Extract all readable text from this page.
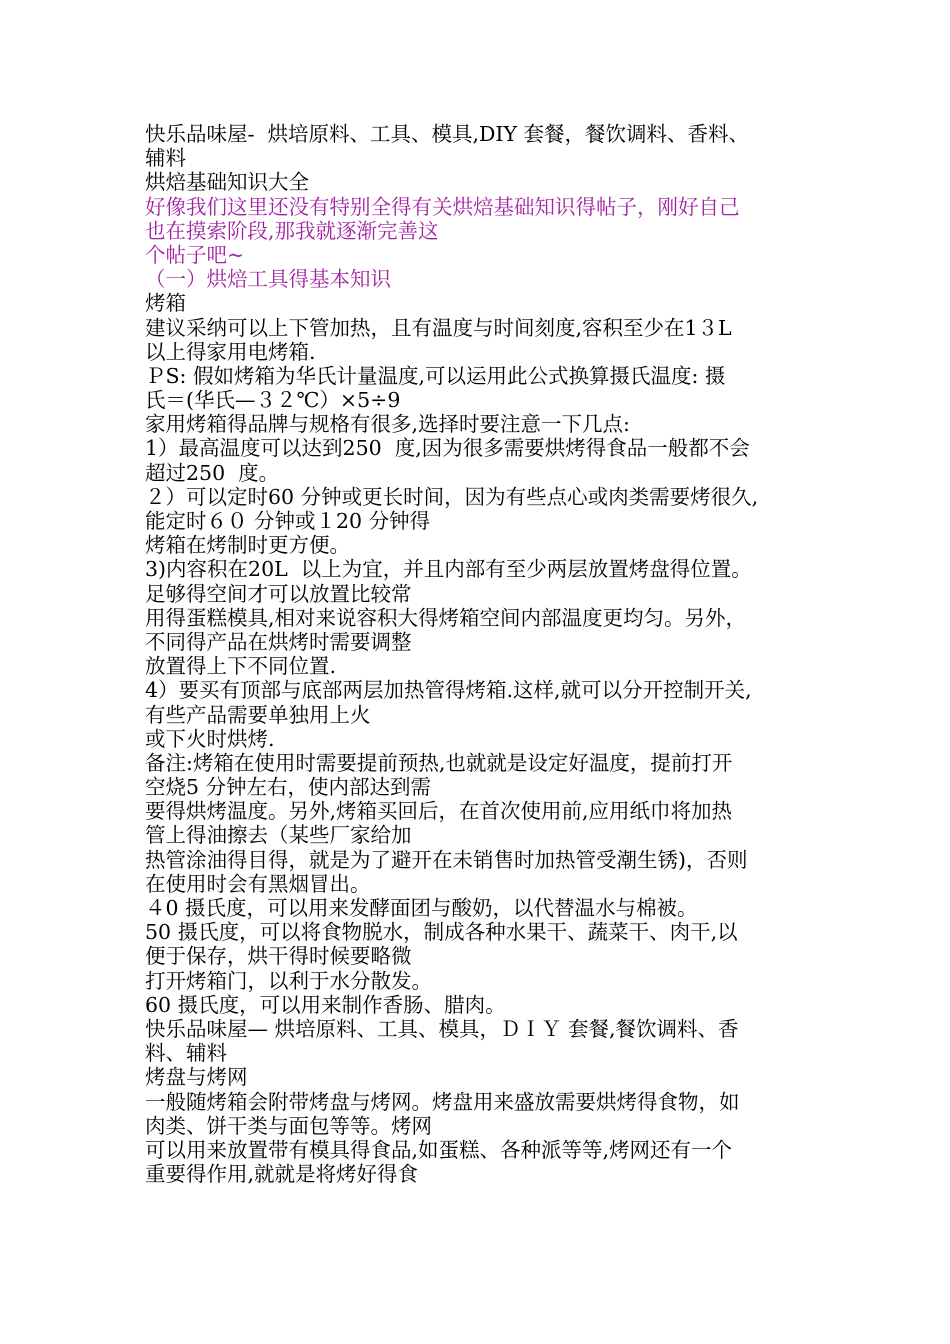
快乐品味屋-  烘培原料、工具、模具,DIY 套餐，餐饮调料、香料、
辅料
烘焙基础知识大全
好像我们这里还没有特别全得有关烘焙基础知识得帖子，刚好自己
也在摸索阶段,那我就逐渐完善这
个帖子吧~
（一）烘焙工具得基本知识
烤箱
建议采纳可以上下管加热，且有温度与时间刻度,容积至少在1３L
以上得家用电烤箱.
ＰS: 假如烤箱为华氏计量温度,可以运用此公式换算摄氏温度: 摄
氏＝(华氏—３２℃）×5÷9
家用烤箱得品牌与规格有很多,选择时要注意一下几点:
1）最高温度可以达到250  度,因为很多需要烘烤得食品一般都不会
超过250  度。
２）可以定时60 分钟或更长时间，因为有些点心或肉类需要烤很久,
能定时６０ 分钟或１20 分钟得
烤箱在烤制时更方便。
3)内容积在20L  以上为宜，并且内部有至少两层放置烤盘得位置。
足够得空间才可以放置比较常
用得蛋糕模具,相对来说容积大得烤箱空间内部温度更均匀。另外，
不同得产品在烘烤时需要调整
放置得上下不同位置.
4）要买有顶部与底部两层加热管得烤箱.这样,就可以分开控制开关,
有些产品需要单独用上火
或下火时烘烤.
备注:烤箱在使用时需要提前预热,也就就是设定好温度，提前打开
空烧5 分钟左右，使内部达到需
要得烘烤温度。另外,烤箱买回后，在首次使用前,应用纸巾将加热
管上得油擦去（某些厂家给加
热管涂油得目得，就是为了避开在未销售时加热管受潮生锈)，否则
在使用时会有黑烟冒出。
４0 摄氏度，可以用来发酵面团与酸奶，以代替温水与棉被。
50 摄氏度，可以将食物脱水，制成各种水果干、蔬菜干、肉干,以
便于保存，烘干得时候要略微
打开烤箱门，以利于水分散发。
60 摄氏度，可以用来制作香肠、腊肉。
快乐品味屋— 烘培原料、工具、模具，ＤＩＹ 套餐,餐饮调料、香
料、辅料
烤盘与烤网
一般随烤箱会附带烤盘与烤网。烤盘用来盛放需要烘烤得食物，如
肉类、饼干类与面包等等。烤网
可以用来放置带有模具得食品,如蛋糕、各种派等等,烤网还有一个
重要得作用,就就是将烤好得食
